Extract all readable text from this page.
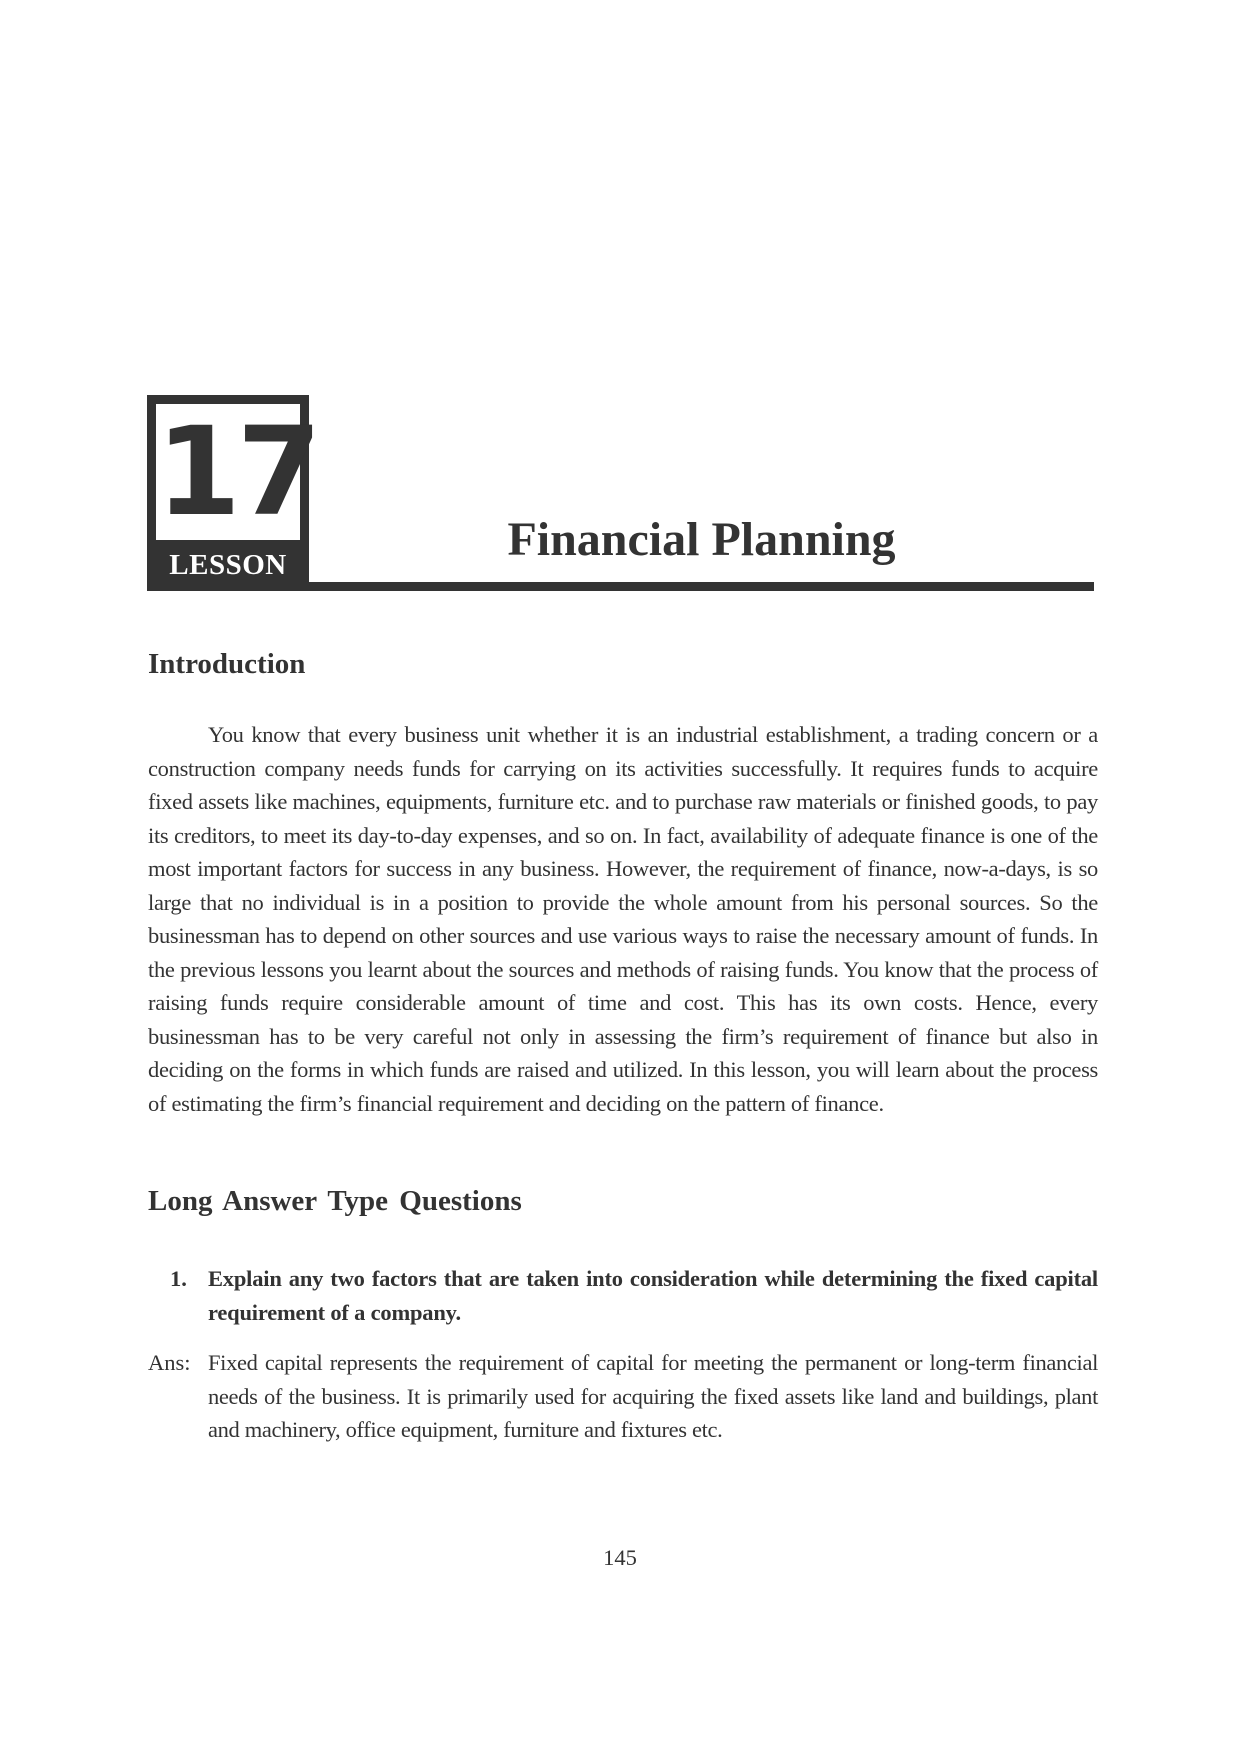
17
LESSON	Financial Planning
Introduction

You know that every business unit whether it is an industrial establishment, a trading concern or a construction company needs funds for carrying on its activities successfully. It requires funds to acquire fixed assets like machines, equipments, furniture etc. and to purchase raw materials or finished goods, to pay its creditors, to meet its day-to-day expenses, and so on. In fact, availability of adequate finance is one of the most important factors for success in any business. However, the requirement of finance, now-a-days, is so large that no individual is in a position to provide the whole amount from his personal sources. So the businessman has to depend on other sources and use various ways to raise the necessary amount of funds. In the previous lessons you learnt about the sources and methods of raising funds. You know that the process of raising funds require considerable amount of time and cost. This has its own costs. Hence, every businessman has to be very careful not only in assessing the firm’s requirement of finance but also in deciding on the forms in which funds are raised and utilized. In this lesson, you will learn about the process of estimating the firm’s financial requirement and deciding on the pattern of finance.

Long Answer Type Questions
1. Explain any two factors that are taken into consideration while determining the fixed capital requirement of a company.
Ans: Fixed capital represents the requirement of capital for meeting the permanent or long-term financial needs of the business. It is primarily used for acquiring the fixed assets like land and buildings, plant and machinery, office equipment, furniture and fixtures etc.
145
